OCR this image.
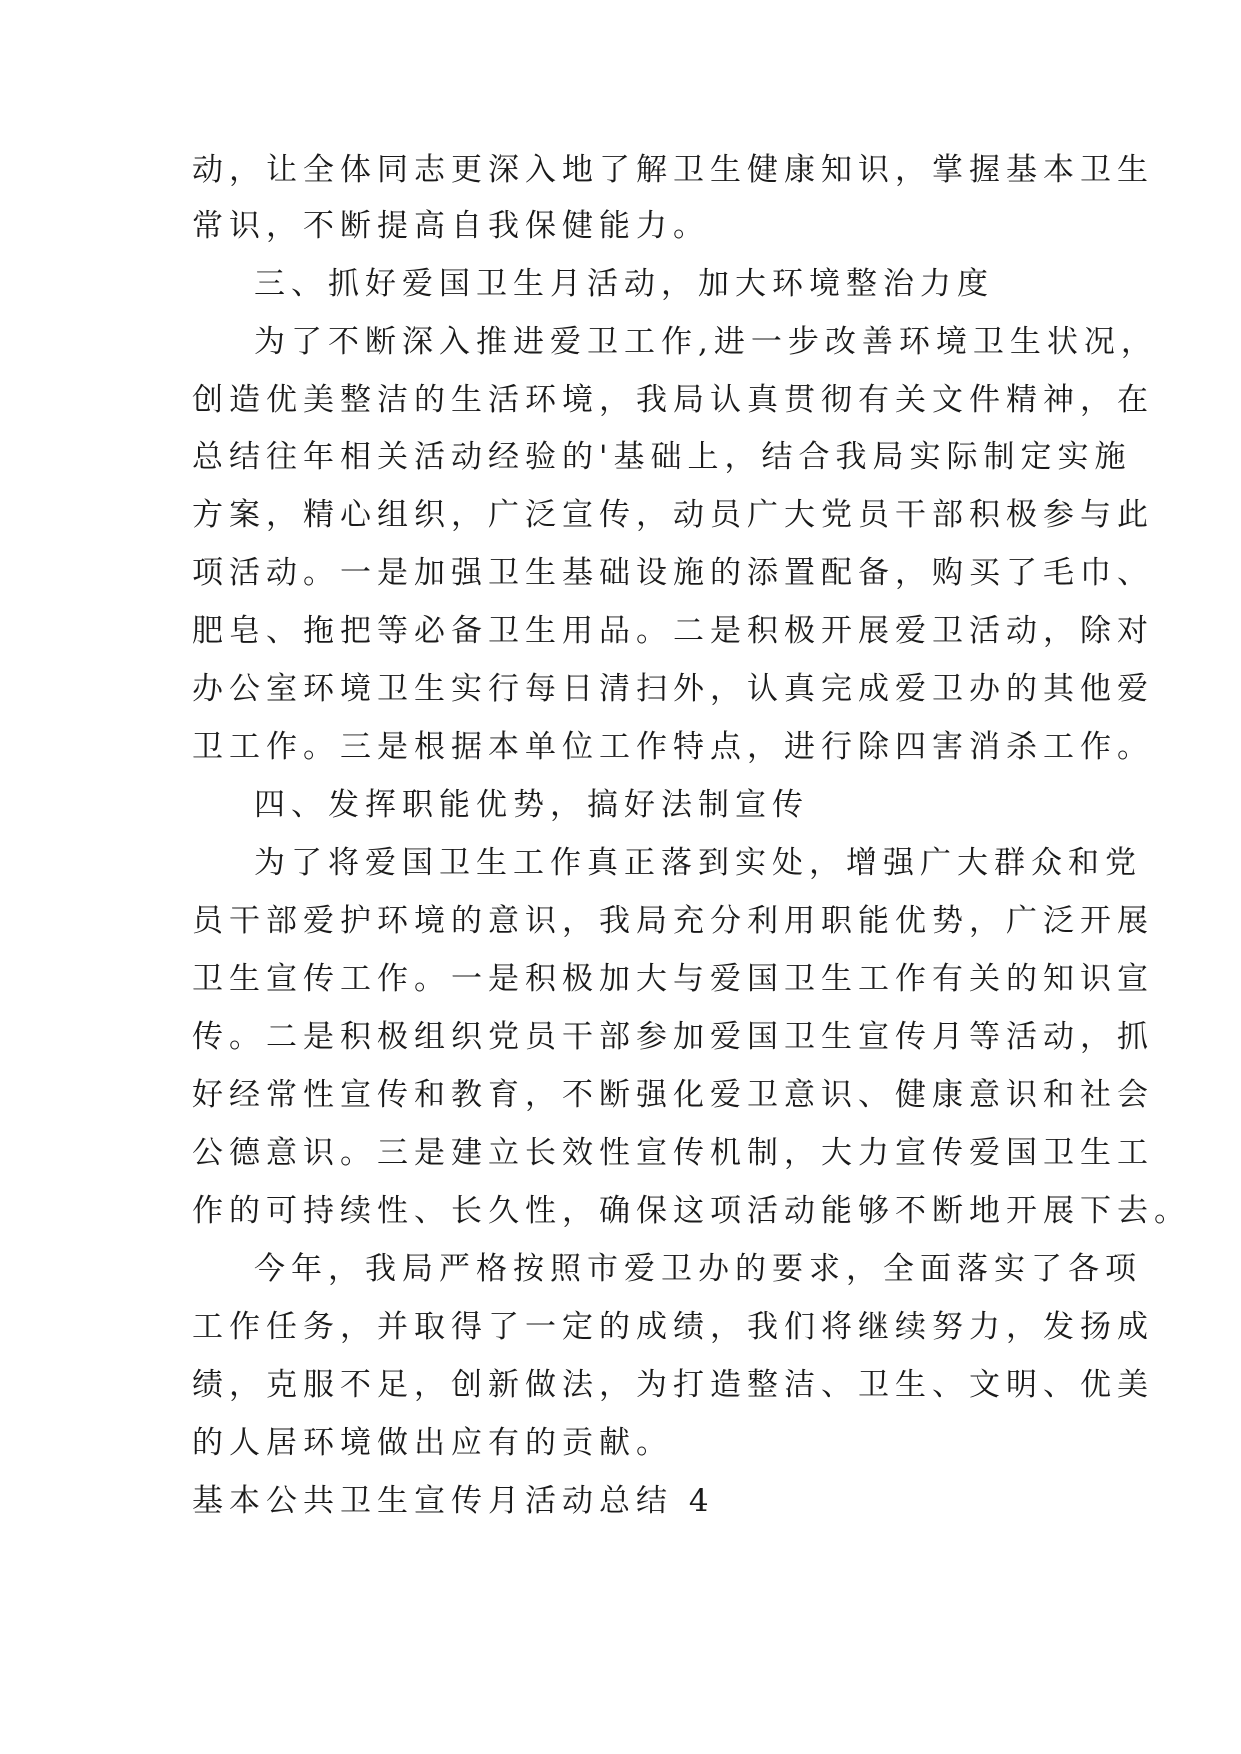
动，让全体同志更深入地了解卫生健康知识，掌握基本卫生
常识，不断提高自我保健能力。
三、抓好爱国卫生月活动，加大环境整治力度
为了不断深入推进爱卫工作,进一步改善环境卫生状况，
创造优美整洁的生活环境，我局认真贯彻有关文件精神，在
总结往年相关活动经验的'基础上，结合我局实际制定实施
方案，精心组织，广泛宣传，动员广大党员干部积极参与此
项活动。一是加强卫生基础设施的添置配备，购买了毛巾、
肥皂、拖把等必备卫生用品。二是积极开展爱卫活动，除对
办公室环境卫生实行每日清扫外，认真完成爱卫办的其他爱
卫工作。三是根据本单位工作特点，进行除四害消杀工作。
四、发挥职能优势，搞好法制宣传
为了将爱国卫生工作真正落到实处，增强广大群众和党
员干部爱护环境的意识，我局充分利用职能优势，广泛开展
卫生宣传工作。一是积极加大与爱国卫生工作有关的知识宣
传。二是积极组织党员干部参加爱国卫生宣传月等活动，抓
好经常性宣传和教育，不断强化爱卫意识、健康意识和社会
公德意识。三是建立长效性宣传机制，大力宣传爱国卫生工
作的可持续性、长久性，确保这项活动能够不断地开展下去。
今年，我局严格按照市爱卫办的要求，全面落实了各项
工作任务，并取得了一定的成绩，我们将继续努力，发扬成
绩，克服不足，创新做法，为打造整洁、卫生、文明、优美
的人居环境做出应有的贡献。
基本公共卫生宣传月活动总结 4
